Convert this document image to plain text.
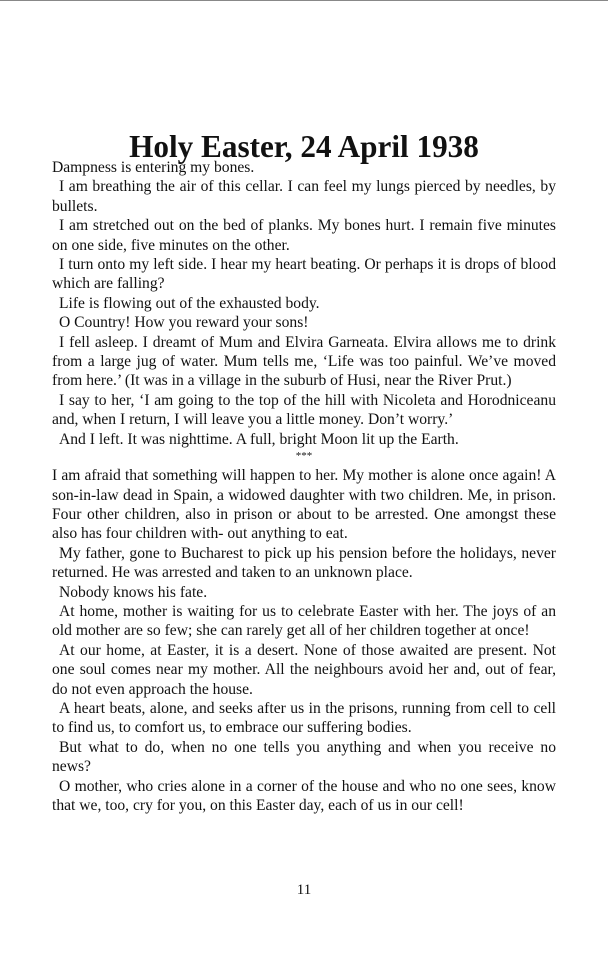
Holy Easter, 24 April 1938

Dampness is entering my bones.

I am breathing the air of this cellar. I can feel my lungs pierced by needles, by bullets.

I am stretched out on the bed of planks. My bones hurt. I remain five minutes on one side, five minutes on the other.

I turn onto my left side. I hear my heart beating. Or perhaps it is drops of blood which are falling?

Life is flowing out of the exhausted body.

O Country! How you reward your sons!

I fell asleep. I dreamt of Mum and Elvira Garneata. Elvira allows me to drink from a large jug of water. Mum tells me, ‘Life was too painful. We’ve moved from here.’ (It was in a village in the suburb of Husi, near the River Prut.)

I say to her, ‘I am going to the top of the hill with Nicoleta and Horodniceanu and, when I return, I will leave you a little money. Don’t worry.’

And I left. It was nighttime. A full, bright Moon lit up the Earth.

***

I am afraid that something will happen to her. My mother is alone once again! A son-in-law dead in Spain, a widowed daughter with two children. Me, in prison. Four other children, also in prison or about to be arrested. One amongst these also has four children with- out anything to eat.

My father, gone to Bucharest to pick up his pension before the holidays, never returned. He was arrested and taken to an unknown place.

Nobody knows his fate.

At home, mother is waiting for us to celebrate Easter with her. The joys of an old mother are so few; she can rarely get all of her children together at once!

At our home, at Easter, it is a desert. None of those awaited are present. Not one soul comes near my mother. All the neighbours avoid her and, out of fear, do not even approach the house.

A heart beats, alone, and seeks after us in the prisons, running from cell to cell to find us, to comfort us, to embrace our suffering bodies.

But what to do, when no one tells you anything and when you receive no news?

O mother, who cries alone in a corner of the house and who no one sees, know that we, too, cry for you, on this Easter day, each of us in our cell!

11
